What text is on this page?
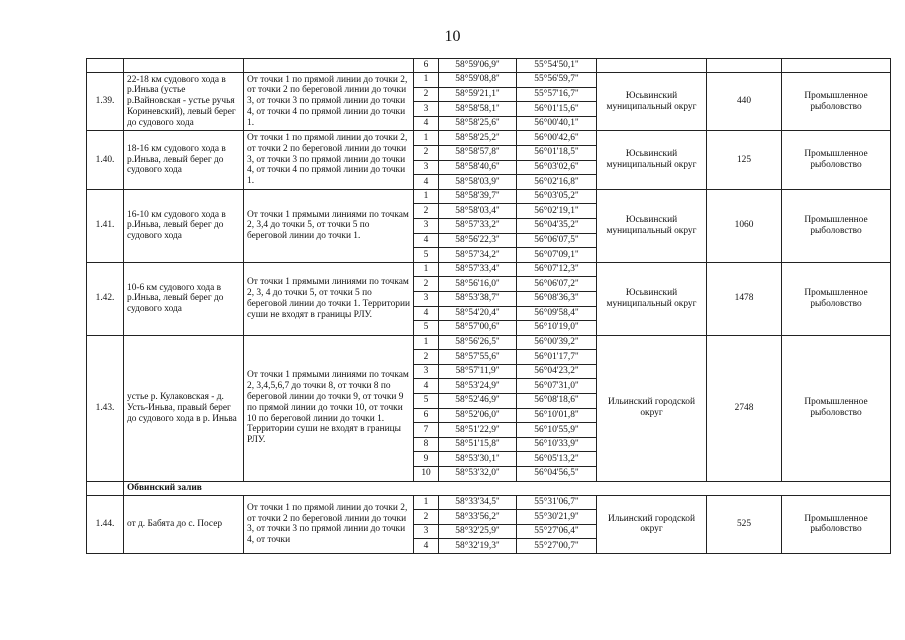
10
			6	58°59'06,9"	55°54'50,1"			
1.39.	22-18 км судового хода в р.Иньва (устье р.Вайновская - устье ручья Кориневский), левый берег до судового хода	От точки 1 по прямой линии до точки 2, от точки 2 по береговой линии до точки 3, от точки 3 по прямой линии до точки 4, от точки 4 по прямой линии до точки 1.	1	58°59'08,8"	55°56'59,7"	Юсьвинский муниципальный округ	440	Промышленное рыболовство
			2	58°59'21,1"	55°57'16,7"			
			3	58°58'58,1"	56°01'15,6"			
			4	58°58'25,6"	56°00'40,1"			
1.40.	18-16 км судового хода в р.Иньва, левый берег до судового хода	От точки 1 по прямой линии до точки 2, от точки 2 по береговой линии до точки 3, от точки 3 по прямой линии до точки 4, от точки 4 по прямой линии до точки 1.	1	58°58'25,2"	56°00'42,6"	Юсьвинский муниципальный округ	125	Промышленное рыболовство
			2	58°58'57,8"	56°01'18,5"			
			3	58°58'40,6"	56°03'02,6"			
			4	58°58'03,9"	56°02'16,8"			
1.41.	16-10 км судового хода в р.Иньва, левый берег до судового хода	От точки 1 прямыми линиями по точкам 2, 3,4 до точки 5, от точки 5 по береговой линии до точки 1.	1	58°58'39,7"	56°03'05,2"	Юсьвинский муниципальный округ	1060	Промышленное рыболовство
			2	58°58'03,4"	56°02'19,1"			
			3	58°57'33,2"	56°04'35,2"			
			4	58°56'22,3"	56°06'07,5"			
			5	58°57'34,2"	56°07'09,1"			
1.42.	10-6 км судового хода в р.Иньва, левый берег до судового хода	От точки 1 прямыми линиями по точкам 2, 3, 4 до точки 5, от точки 5 по береговой линии до точки 1. Территории суши не входят в границы РЛУ.	1	58°57'33,4"	56°07'12,3"	Юсьвинский муниципальный округ	1478	Промышленное рыболовство
			2	58°56'16,0"	56°06'07,2"			
			3	58°53'38,7"	56°08'36,3"			
			4	58°54'20,4"	56°09'58,4"			
			5	58°57'00,6"	56°10'19,0"			
1.43.	устье р. Кулаковская - д. Усть-Иньва, правый берег до судового хода в р. Иньва	От точки 1 прямыми линиями по точкам 2, 3,4,5,6,7 до точки 8, от точки 8 по береговой линии до точки 9, от точки 9 по прямой линии до точки 10, от точки 10 по береговой линии до точки 1. Территории суши не входят в границы РЛУ.	1	58°56'26,5"	56°00'39,2"	Ильинский городской округ	2748	Промышленное рыболовство
			2	58°57'55,6"	56°01'17,7"			
			3	58°57'11,9"	56°04'23,2"			
			4	58°53'24,9"	56°07'31,0"			
			5	58°52'46,9"	56°08'18,6"			
			6	58°52'06,0"	56°10'01,8"			
			7	58°51'22,9"	56°10'55,9"			
			8	58°51'15,8"	56°10'33,9"			
			9	58°53'30,1"	56°05'13,2"			
			10	58°53'32,0"	56°04'56,5"			
	Обвинский залив							
1.44.	от д. Бабята до с. Посер	От точки 1 по прямой линии до точки 2, от точки 2 по береговой линии до точки 3, от точки 3 по прямой линии до точки 4, от точки	1	58°33'34,5"	55°31'06,7"	Ильинский городской округ	525	Промышленное рыболовство
			2	58°33'56,2"	55°30'21,9"			
			3	58°32'25,9"	55°27'06,4"			
			4	58°32'19,3"	55°27'00,7"			
